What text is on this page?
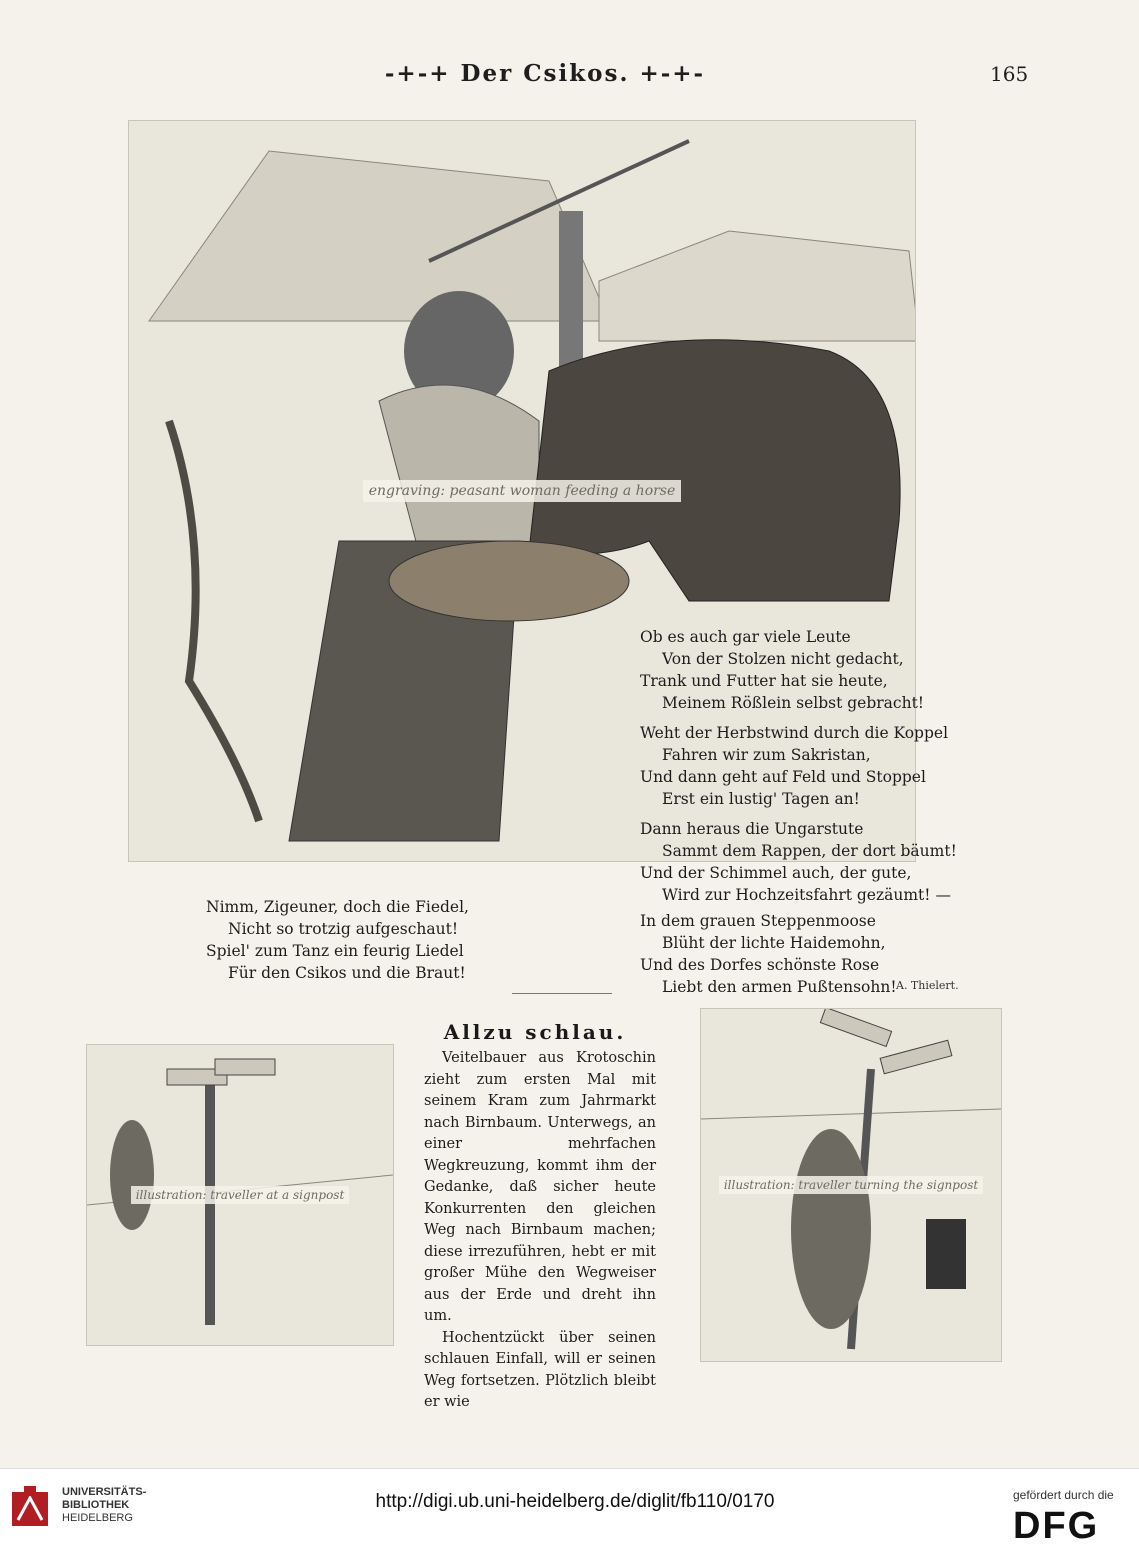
-+-+ Der Csikos. +-+-	165
engraving: peasant woman feeding a horse
Nimm, Zigeuner, doch die Fiedel,
Nicht so trotzig aufgeschaut!
Spiel' zum Tanz ein feurig Liedel
Für den Csikos und die Braut!
Ob es auch gar viele Leute
Von der Stolzen nicht gedacht,
Trank und Futter hat sie heute,
Meinem Rößlein selbst gebracht!
Weht der Herbstwind durch die Koppel
Fahren wir zum Sakristan,
Und dann geht auf Feld und Stoppel
Erst ein lustig' Tagen an!
Dann heraus die Ungarstute
Sammt dem Rappen, der dort bäumt!
Und der Schimmel auch, der gute,
Wird zur Hochzeitsfahrt gezäumt! —
In dem grauen Steppenmoose
Blüht der lichte Haidemohn,
Und des Dorfes schönste Rose
Liebt den armen Pußtensohn! A. Thielert.
Allzu schlau.

Veitelbauer aus Krotoschin zieht zum ersten Mal mit seinem Kram zum Jahrmarkt nach Birnbaum. Unterwegs, an einer mehrfachen Wegkreuzung, kommt ihm der Gedanke, daß sicher heute Konkurrenten den gleichen Weg nach Birnbaum machen; diese irrezuführen, hebt er mit großer Mühe den Wegweiser aus der Erde und dreht ihn um.

Hochentzückt über seinen schlauen Einfall, will er seinen Weg fortsetzen. Plötzlich bleibt er wie

illustration: traveller at a signpost
illustration: traveller turning the signpost
UNIVERSITÄTS-
BIBLIOTHEK
HEIDELBERG
http://digi.ub.uni-heidelberg.de/diglit/fb110/0170	gefördert durch die
DFG
